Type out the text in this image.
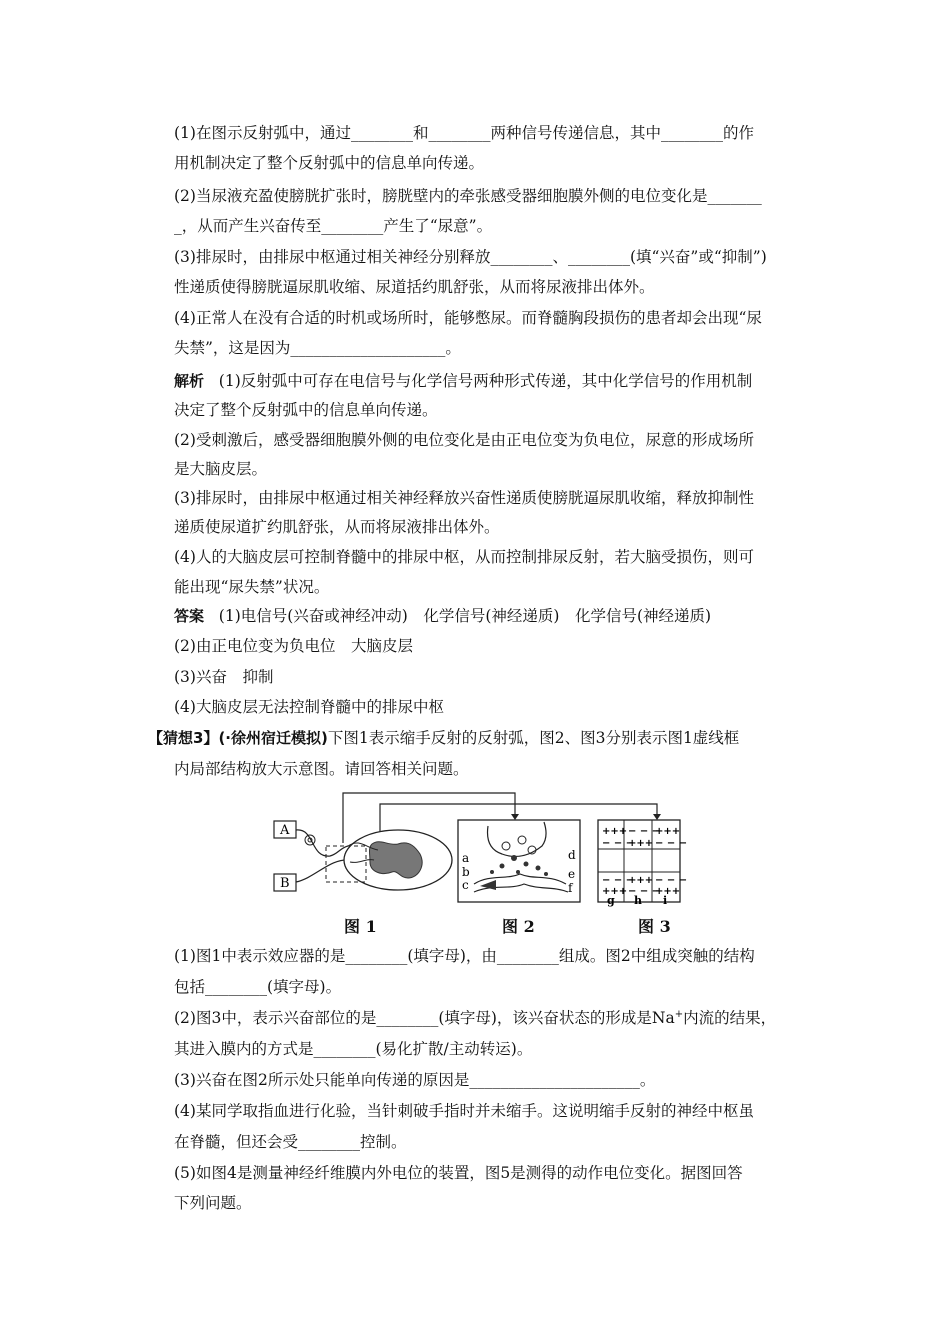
(1)在图示反射弧中，通过________和________两种信号传递信息，其中________的作
用机制决定了整个反射弧中的信息单向传递。
(2)当尿液充盈使膀胱扩张时，膀胱壁内的牵张感受器细胞膜外侧的电位变化是_______
_，从而产生兴奋传至________产生了“尿意”。
(3)排尿时，由排尿中枢通过相关神经分别释放________、________(填“兴奋”或“抑制”)
性递质使得膀胱逼尿肌收缩、尿道括约肌舒张，从而将尿液排出体外。
(4)正常人在没有合适的时机或场所时，能够憋尿。而脊髓胸段损伤的患者却会出现“尿
失禁”，这是因为____________________。
解析 (1)反射弧中可存在电信号与化学信号两种形式传递，其中化学信号的作用机制
决定了整个反射弧中的信息单向传递。
(2)受刺激后，感受器细胞膜外侧的电位变化是由正电位变为负电位，尿意的形成场所
是大脑皮层。
(3)排尿时，由排尿中枢通过相关神经释放兴奋性递质使膀胱逼尿肌收缩，释放抑制性
递质使尿道扩约肌舒张，从而将尿液排出体外。
(4)人的大脑皮层可控制脊髓中的排尿中枢，从而控制排尿反射，若大脑受损伤，则可
能出现“尿失禁”状况。
答案 (1)电信号(兴奋或神经冲动)　化学信号(神经递质)　化学信号(神经递质)
(2)由正电位变为负电位　大脑皮层
(3)兴奋　抑制
(4)大脑皮层无法控制脊髓中的排尿中枢
【猜想3】(·徐州宿迁模拟)下图1表示缩手反射的反射弧，图2、图3分别表示图1虚线框
内局部结构放大示意图。请回答相关问题。
A
B
a
b
c
d
e
f
+++ − − −
+++
− − −
+++ − − −
− − −
+++ − − −
+++ − − −
+++
g h i
图 1	图 2	图 3
(1)图1中表示效应器的是________(填字母)，由________组成。图2中组成突触的结构
包括________(填字母)。
(2)图3中，表示兴奋部位的是________(填字母)，该兴奋状态的形成是Na+内流的结果，
其进入膜内的方式是________(易化扩散/主动转运)。
(3)兴奋在图2所示处只能单向传递的原因是______________________。
(4)某同学取指血进行化验，当针刺破手指时并未缩手。这说明缩手反射的神经中枢虽
在脊髓，但还会受________控制。
(5)如图4是测量神经纤维膜内外电位的装置，图5是测得的动作电位变化。据图回答
下列问题。
